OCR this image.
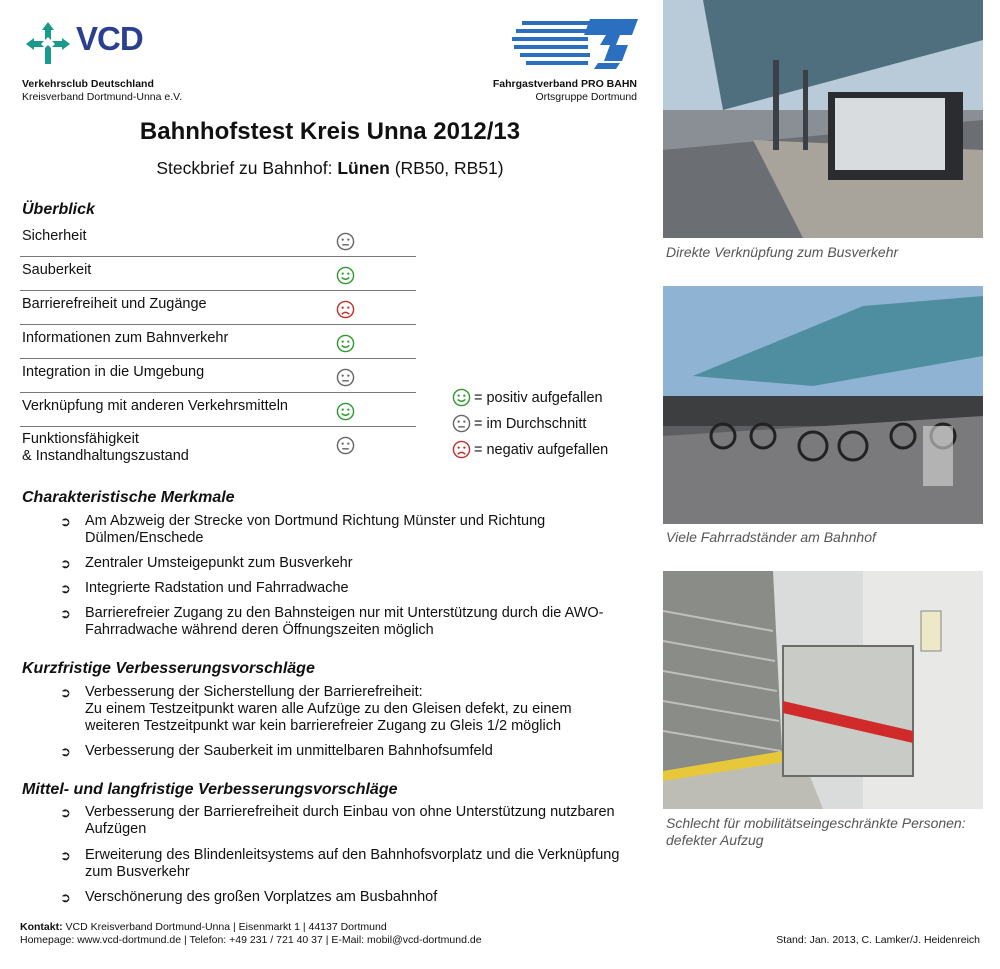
VCD
Verkehrsclub Deutschland
Kreisverband Dortmund-Unna e.V.
Fahrgastverband PRO BAHN
Ortsgruppe Dortmund
Bahnhofstest Kreis Unna 2012/13
Steckbrief zu Bahnhof: Lünen (RB50, RB51)
Überblick
Sicherheit
Sauberkeit
Barrierefreiheit und Zugänge
Informationen zum Bahnverkehr
Integration in die Umgebung
Verknüpfung mit anderen Verkehrsmitteln
Funktionsfähigkeit
& Instandhaltungszustand
= positiv aufgefallen
= im Durchschnitt
= negativ aufgefallen
Charakteristische Merkmale
➲ Am Abzweig der Strecke von Dortmund Richtung Münster und Richtung
Dülmen/Enschede
➲ Zentraler Umsteigepunkt zum Busverkehr
➲ Integrierte Radstation und Fahrradwache
➲ Barrierefreier Zugang zu den Bahnsteigen nur mit Unterstützung durch die AWO-
Fahrradwache während deren Öffnungszeiten möglich
Kurzfristige Verbesserungsvorschläge
➲ Verbesserung der Sicherstellung der Barrierefreiheit:
Zu einem Testzeitpunkt waren alle Aufzüge zu den Gleisen defekt, zu einem
weiteren Testzeitpunkt war kein barrierefreier Zugang zu Gleis 1/2 möglich
➲ Verbesserung der Sauberkeit im unmittelbaren Bahnhofsumfeld
Mittel- und langfristige Verbesserungsvorschläge
➲ Verbesserung der Barrierefreiheit durch Einbau von ohne Unterstützung nutzbaren
Aufzügen
➲ Erweiterung des Blindenleitsystems auf den Bahnhofsvorplatz und die Verknüpfung
zum Busverkehr
➲ Verschönerung des großen Vorplatzes am Busbahnhof
Direkte Verknüpfung zum Busverkehr
Viele Fahrradständer am Bahnhof
Schlecht für mobilitätseingeschränkte Personen:
defekter Aufzug
Kontakt: VCD Kreisverband Dortmund-Unna | Eisenmarkt 1 | 44137 Dortmund
Homepage: www.vcd-dortmund.de | Telefon: +49 231 / 721 40 37 | E-Mail: mobil@vcd-dortmund.de	Stand: Jan. 2013, C. Lamker/J. Heidenreich
